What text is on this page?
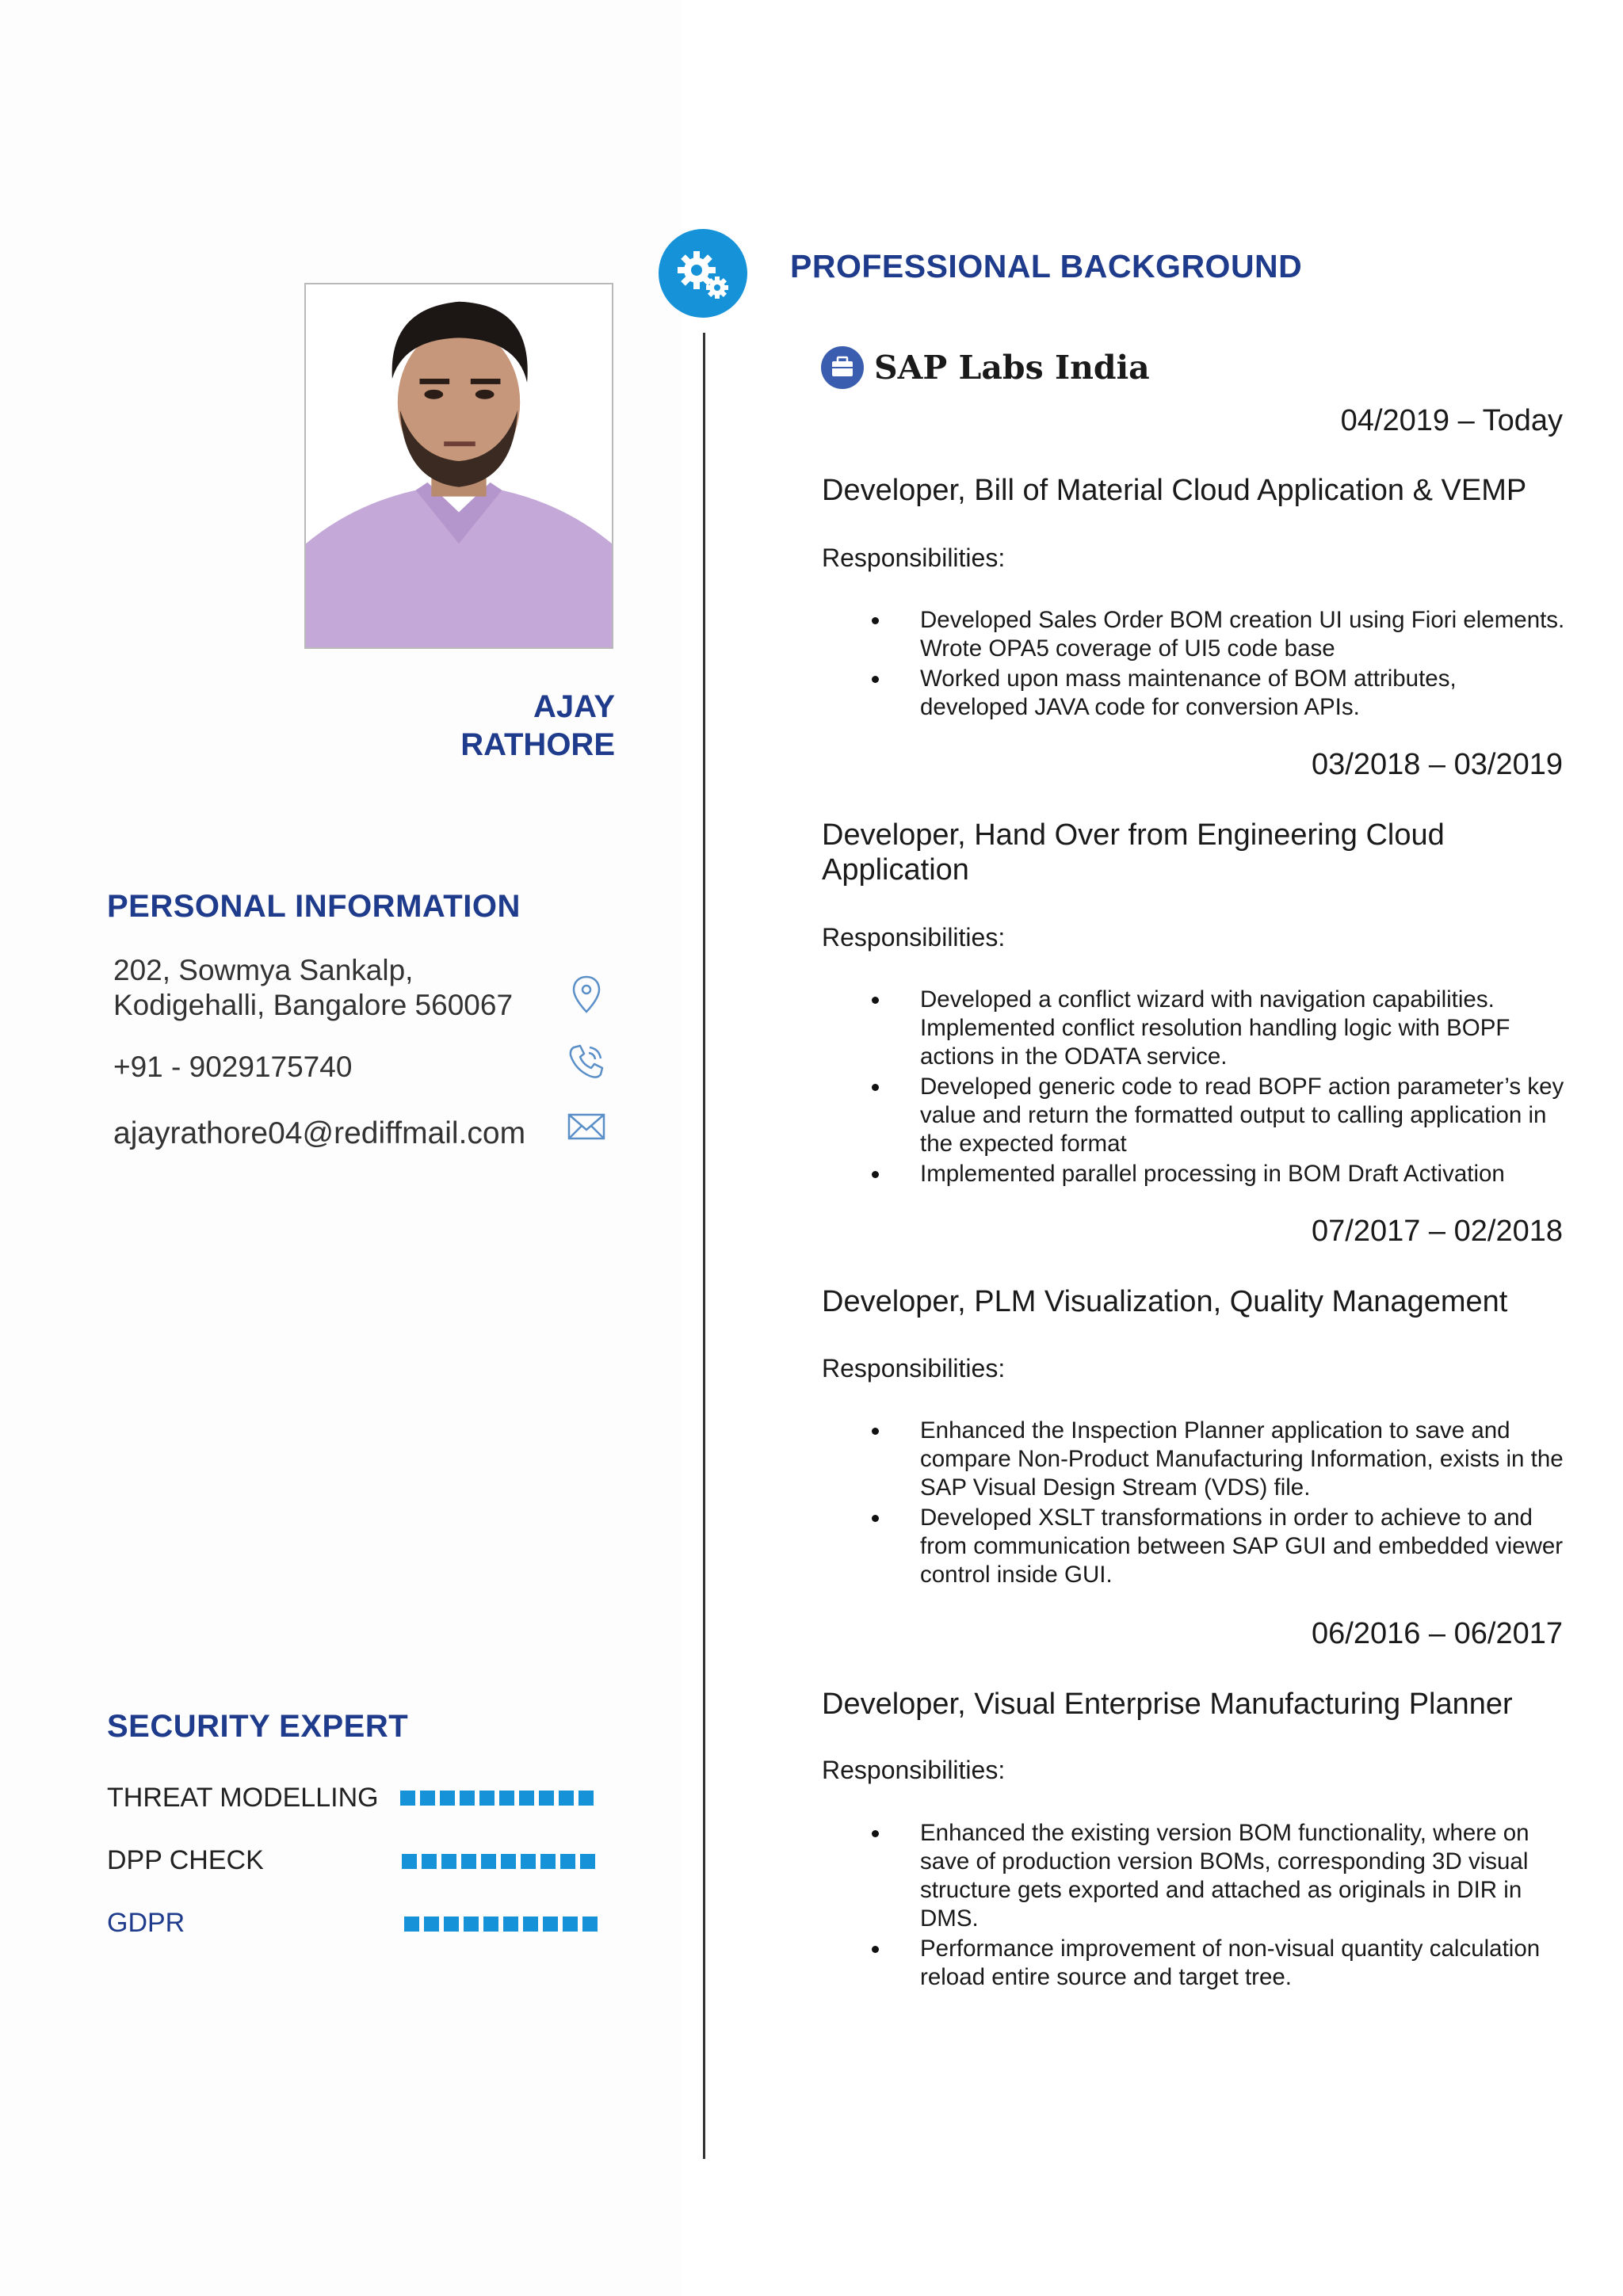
AJAY
RATHORE
PERSONAL INFORMATION
202, Sowmya Sankalp,
Kodigehalli, Bangalore 560067
+91 - 9029175740
ajayrathore04@rediffmail.com
SECURITY EXPERT
THREAT MODELLING
DPP CHECK
GDPR
PROFESSIONAL BACKGROUND
SAP Labs India
04/2019 – Today
Developer, Bill of Material Cloud Application & VEMP
Responsibilities:
Developed Sales Order BOM creation UI using Fiori elements. Wrote OPA5 coverage of UI5 code base
Worked upon mass maintenance of BOM attributes, developed JAVA code for conversion APIs.
03/2018 – 03/2019
Developer, Hand Over from Engineering Cloud Application
Responsibilities:
Developed a conflict wizard with navigation capabilities. Implemented conflict resolution handling logic with BOPF actions in the ODATA service.
Developed generic code to read BOPF action parameter’s key value and return the formatted output to calling application in the expected format
Implemented parallel processing in BOM Draft Activation
07/2017 – 02/2018
Developer, PLM Visualization, Quality Management
Responsibilities:
Enhanced the Inspection Planner application to save and compare Non-Product Manufacturing Information, exists in the SAP Visual Design Stream (VDS) file.
Developed XSLT transformations in order to achieve to and from communication between SAP GUI and embedded viewer control inside GUI.
06/2016 – 06/2017
Developer, Visual Enterprise Manufacturing Planner
Responsibilities:
Enhanced the existing version BOM functionality, where on save of production version BOMs, corresponding 3D visual structure gets exported and attached as originals in DIR in DMS.
Performance improvement of non-visual quantity calculation reload entire source and target tree.
